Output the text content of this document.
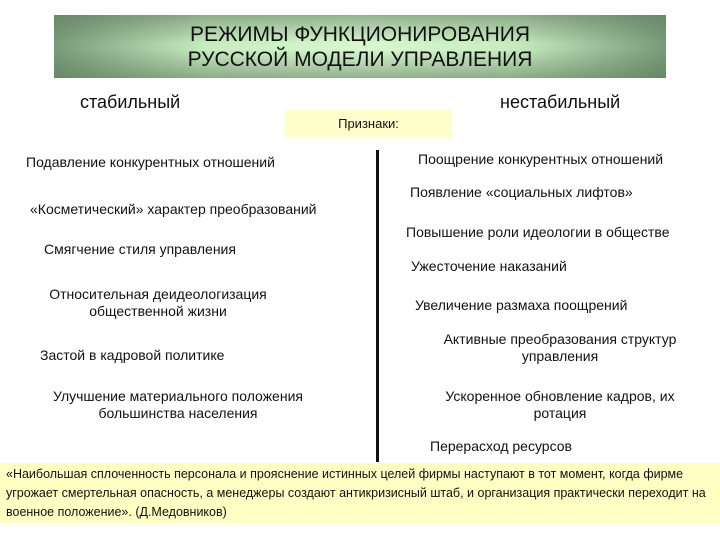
РЕЖИМЫ ФУНКЦИОНИРОВАНИЯ
РУССКОЙ МОДЕЛИ УПРАВЛЕНИЯ
стабильный	нестабильный
Признаки:
Подавление конкурентных отношений
«Косметический» характер преобразований
Смягчение стиля управления
Относительная деидеологизация общественной жизни
Застой в кадровой политике
Улучшение материального положения большинства населения
Поощрение конкурентных отношений
Появление «социальных лифтов»
Повышение роли идеологии в обществе
Ужесточение наказаний
Увеличение размаха поощрений
Активные преобразования структур управления
Ускоренное обновление кадров, их ротация
Перерасход ресурсов
«Наибольшая сплоченность персонала и прояснение истинных целей фирмы наступают в тот момент, когда фирме угрожает смертельная опасность, а менеджеры создают антикризисный штаб, и организация практически переходит на военное положение». (Д.Медовников)
